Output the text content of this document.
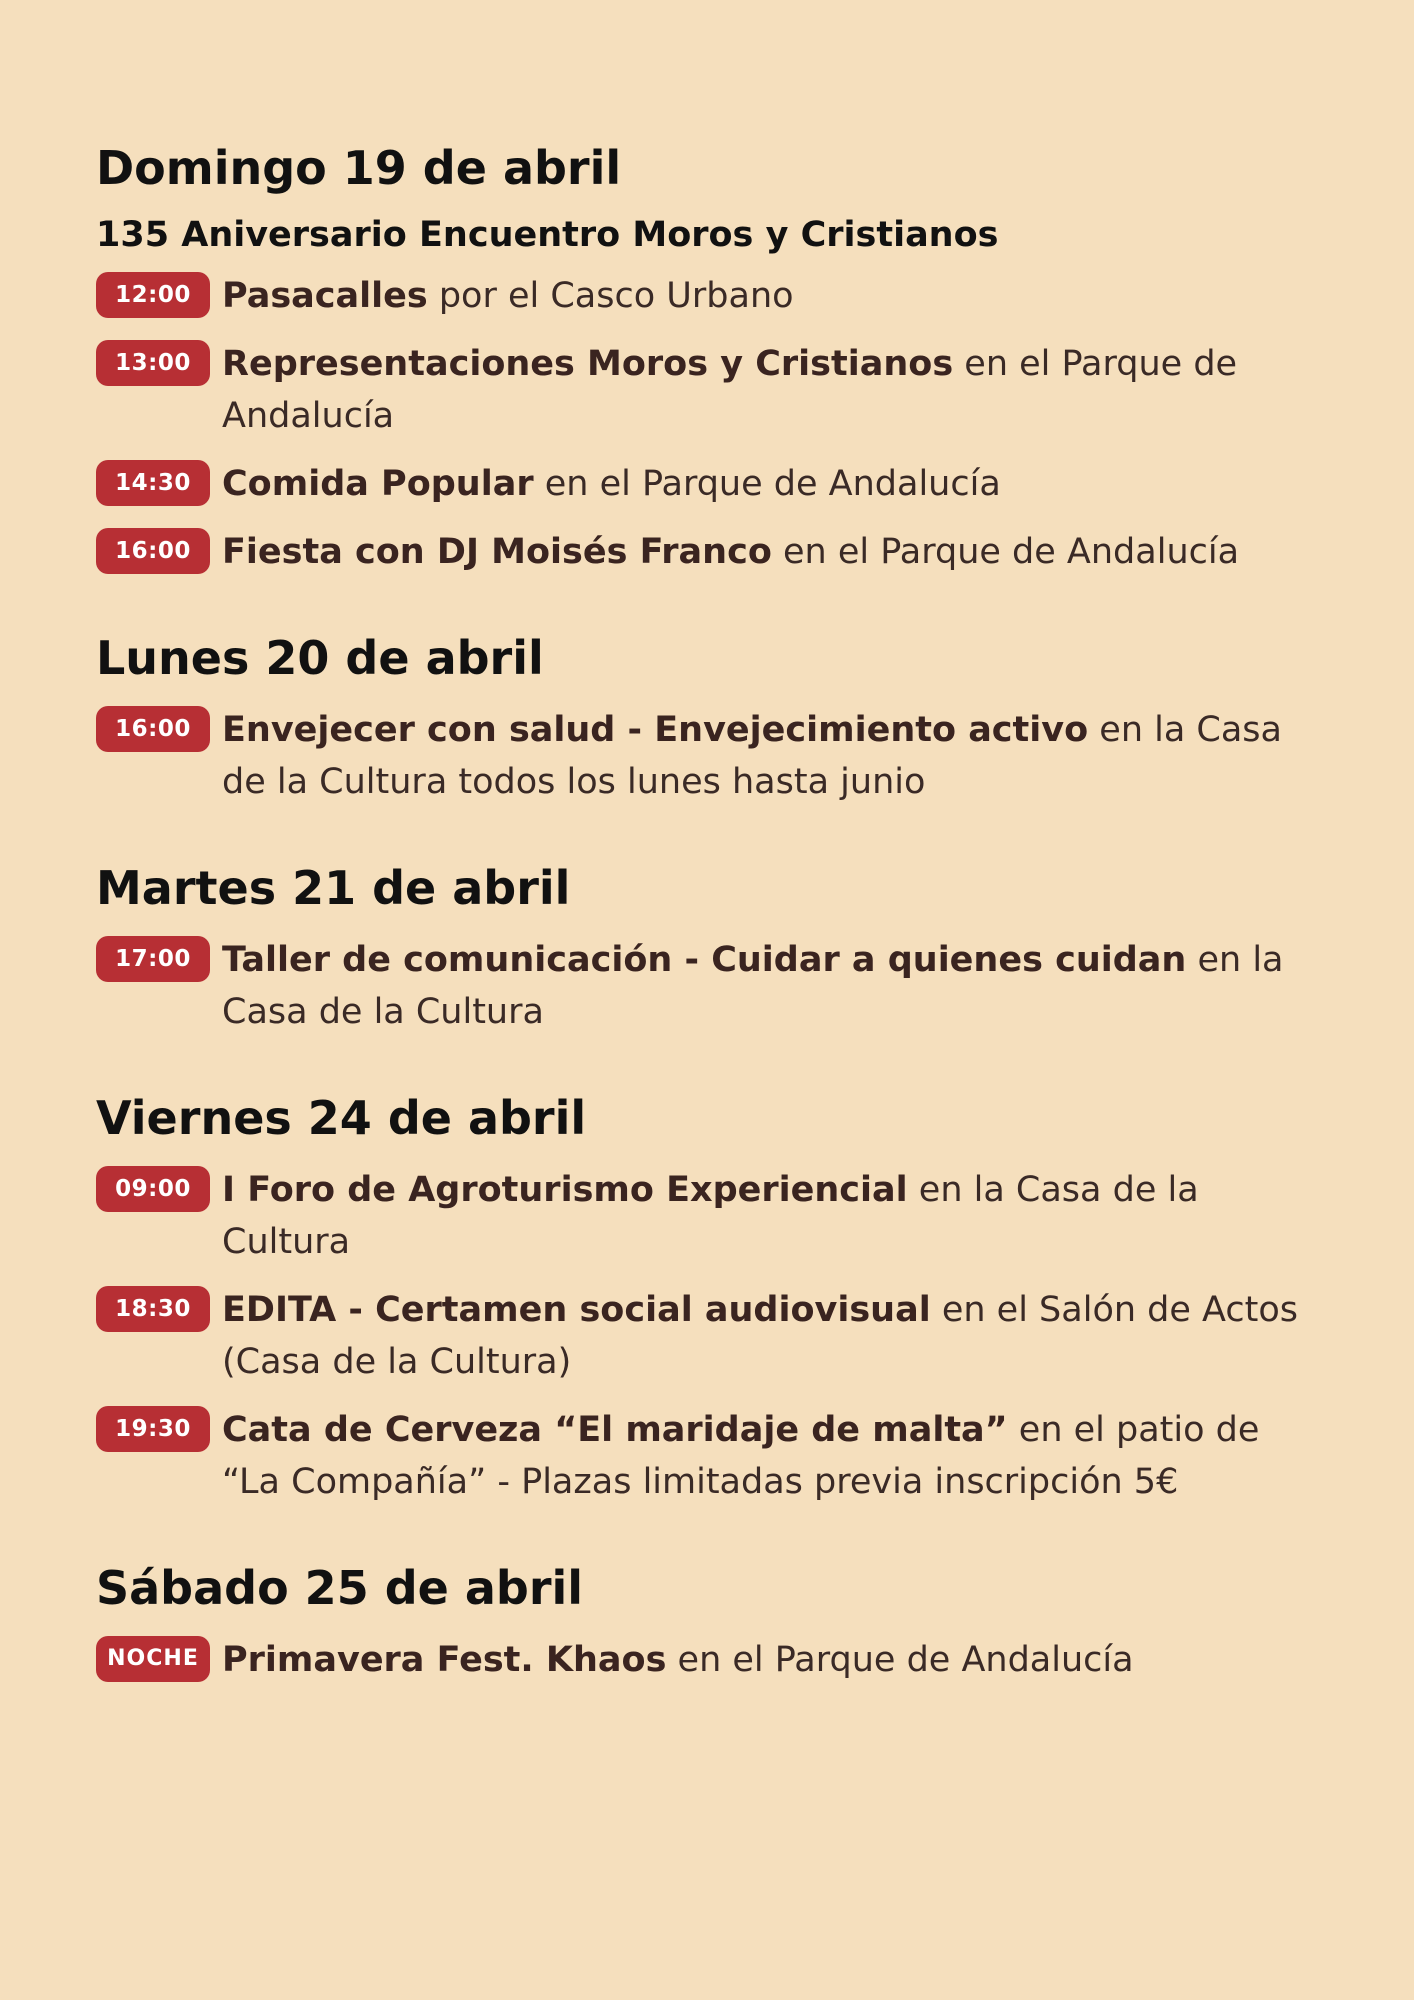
Domingo 19 de abril
135 Aniversario Encuentro Moros y Cristianos
12:00 Pasacalles por el Casco Urbano
13:00 Representaciones Moros y Cristianos en el Parque de Andalucía
14:30 Comida Popular en el Parque de Andalucía
16:00 Fiesta con DJ Moisés Franco en el Parque de Andalucía
Lunes 20 de abril
16:00 Envejecer con salud - Envejecimiento activo en la Casa de la Cultura todos los lunes hasta junio
Martes 21 de abril
17:00 Taller de comunicación - Cuidar a quienes cuidan en la Casa de la Cultura
Viernes 24 de abril
09:00 I Foro de Agroturismo Experiencial en la Casa de la Cultura
18:30 EDITA - Certamen social audiovisual en el Salón de Actos (Casa de la Cultura)
19:30 Cata de Cerveza “El maridaje de malta” en el patio de “La Compañía” - Plazas limitadas previa inscripción 5€
Sábado 25 de abril
NOCHE Primavera Fest. Khaos en el Parque de Andalucía
